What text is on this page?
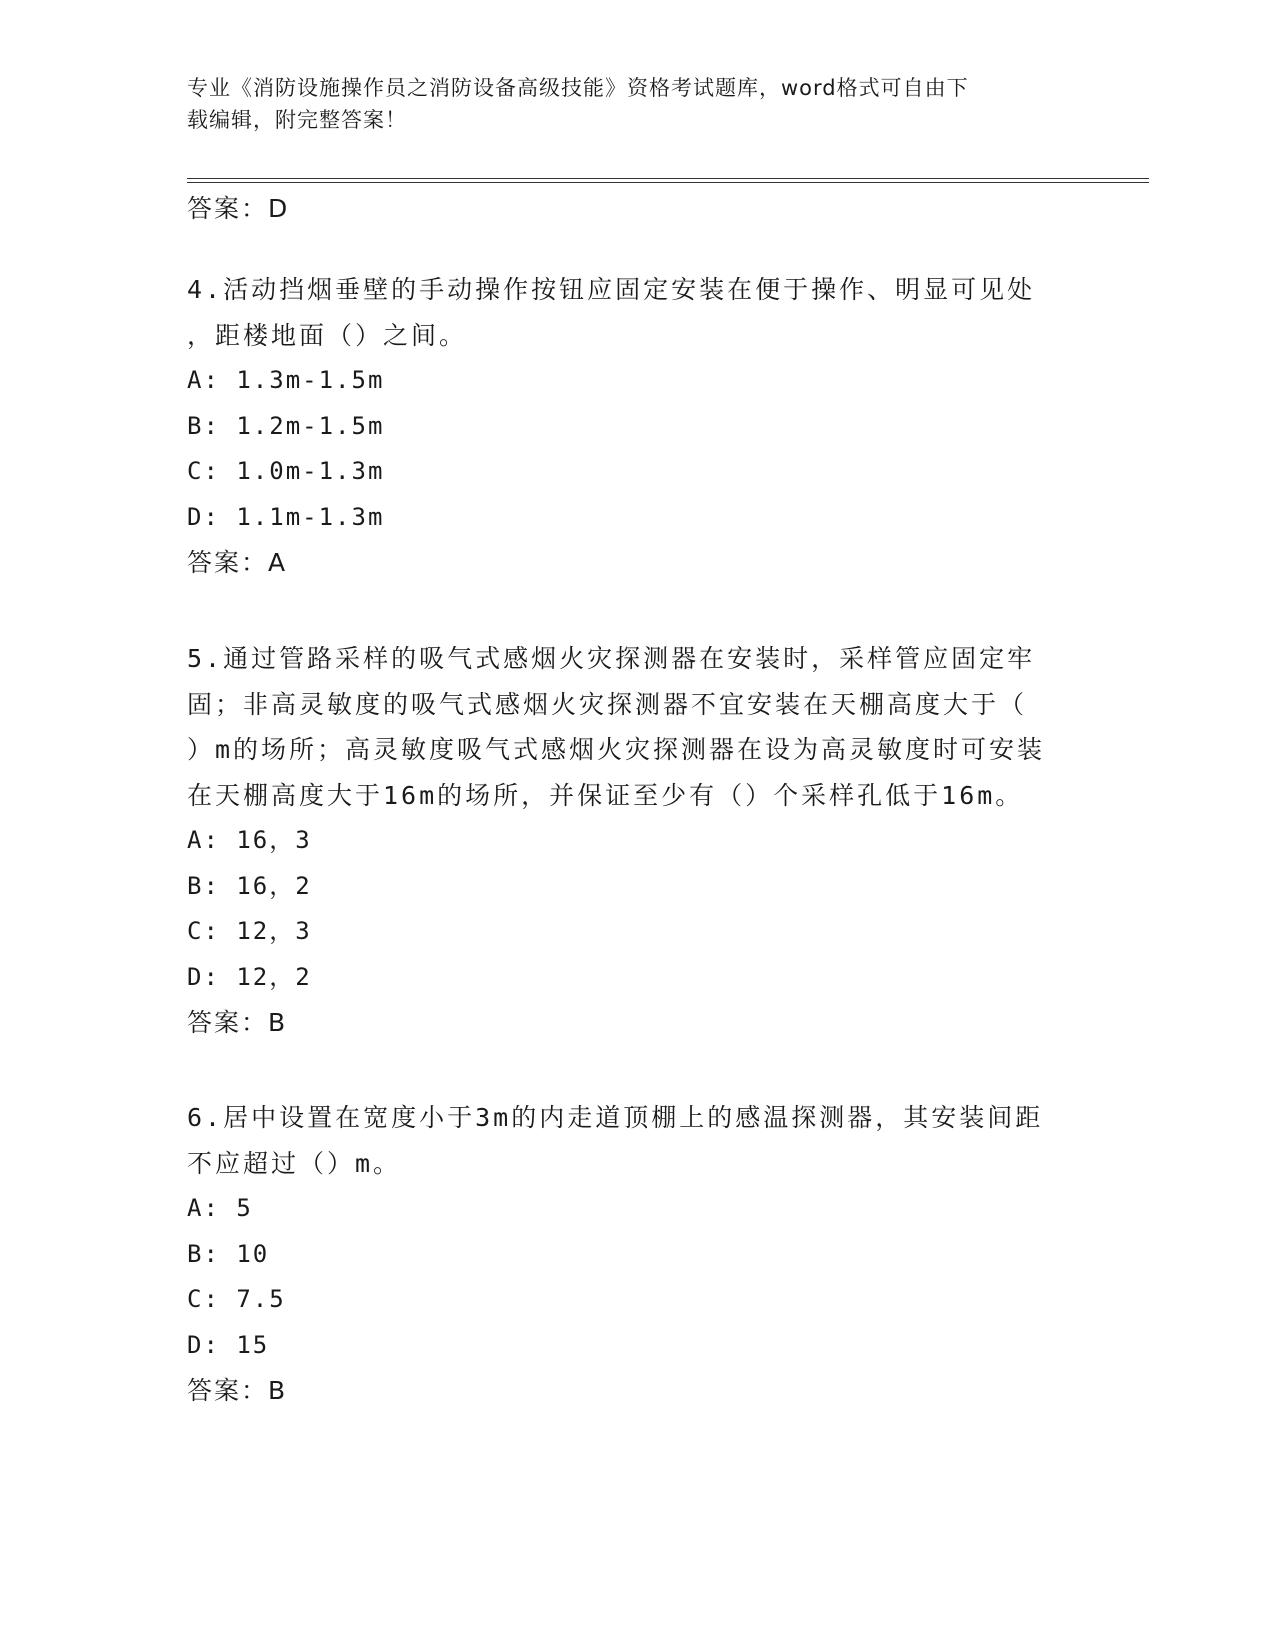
专业《消防设施操作员之消防设备高级技能》资格考试题库，word格式可自由下
载编辑，附完整答案！
答案：D
4.活动挡烟垂壁的手动操作按钮应固定安装在便于操作、明显可见处
，距楼地面（）之间。
A: 1.3m-1.5m
B: 1.2m-1.5m
C: 1.0m-1.3m
D: 1.1m-1.3m
答案：A
5.通过管路采样的吸气式感烟火灾探测器在安装时，采样管应固定牢
固；非高灵敏度的吸气式感烟火灾探测器不宜安装在天棚高度大于（
）m的场所；高灵敏度吸气式感烟火灾探测器在设为高灵敏度时可安装
在天棚高度大于16m的场所，并保证至少有（）个采样孔低于16m。
A: 16，3
B: 16，2
C: 12，3
D: 12，2
答案：B
6.居中设置在宽度小于3m的内走道顶棚上的感温探测器，其安装间距
不应超过（）m。
A: 5
B: 10
C: 7.5
D: 15
答案：B
